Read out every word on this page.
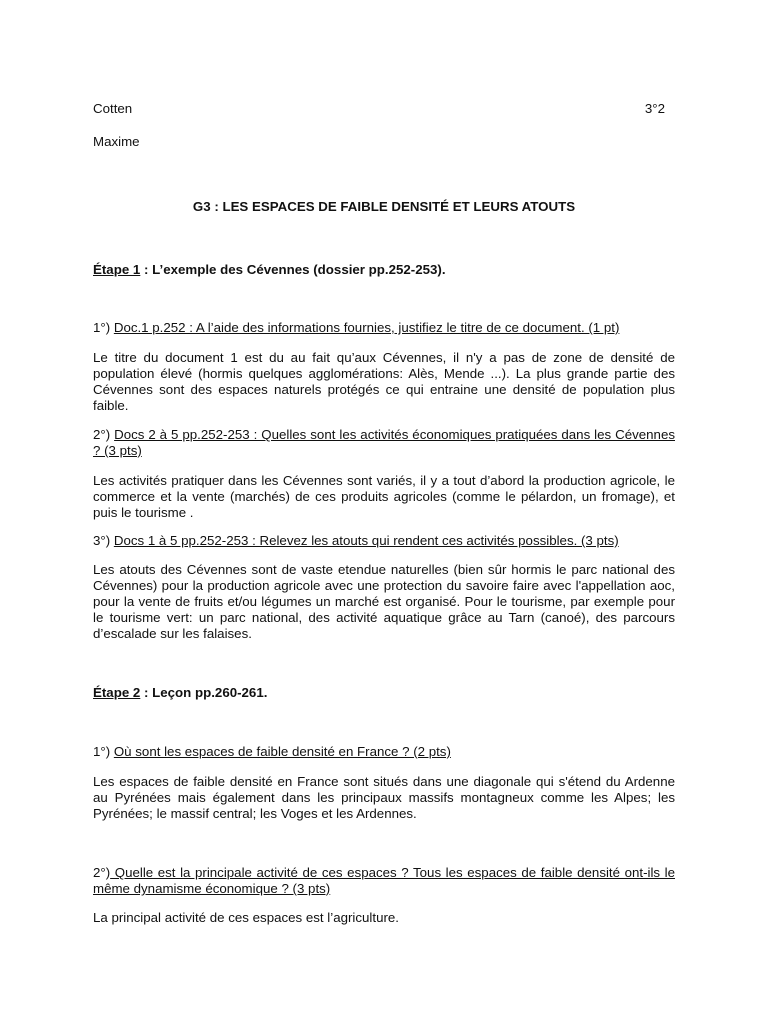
Cotten	3°2
Maxime
G3 : LES ESPACES DE FAIBLE DENSITÉ ET LEURS ATOUTS
Étape 1 : L’exemple des Cévennes (dossier pp.252-253).
1°) Doc.1 p.252 : A l’aide des informations fournies, justifiez le titre de ce document. (1 pt)
Le titre du document 1 est du au fait qu’aux Cévennes, il n'y a pas de zone de densité de population élevé (hormis quelques agglomérations: Alès, Mende ...). La plus grande partie des Cévennes sont des espaces naturels protégés ce qui entraine une densité de population plus faible.
2°) Docs 2 à 5 pp.252-253 : Quelles sont les activités économiques pratiquées dans les Cévennes ? (3 pts)
Les activités pratiquer dans les Cévennes sont variés, il y a tout d’abord la production agricole, le commerce et la vente (marchés) de ces produits agricoles (comme le pélardon, un fromage), et puis le tourisme .
3°) Docs 1 à 5 pp.252-253 : Relevez les atouts qui rendent ces activités possibles. (3 pts)
Les atouts des Cévennes sont de vaste etendue naturelles (bien sûr hormis le parc national des Cévennes) pour la production agricole avec une protection du savoire faire avec l'appellation aoc, pour la vente de fruits et/ou légumes un marché est organisé. Pour le tourisme, par exemple pour le tourisme vert: un parc national, des activité aquatique grâce au Tarn (canoé), des parcours d’escalade sur les falaises.
Étape 2 : Leçon pp.260-261.
1°) Où sont les espaces de faible densité en France ? (2 pts)
Les espaces de faible densité en France sont situés dans une diagonale qui s'étend du Ardenne au Pyrénées mais également dans les principaux massifs montagneux comme les Alpes; les Pyrénées; le massif central; les Voges et les Ardennes.
2°) Quelle est la principale activité de ces espaces ? Tous les espaces de faible densité ont-ils le même dynamisme économique ? (3 pts)
La principal activité de ces espaces est l’agriculture.
